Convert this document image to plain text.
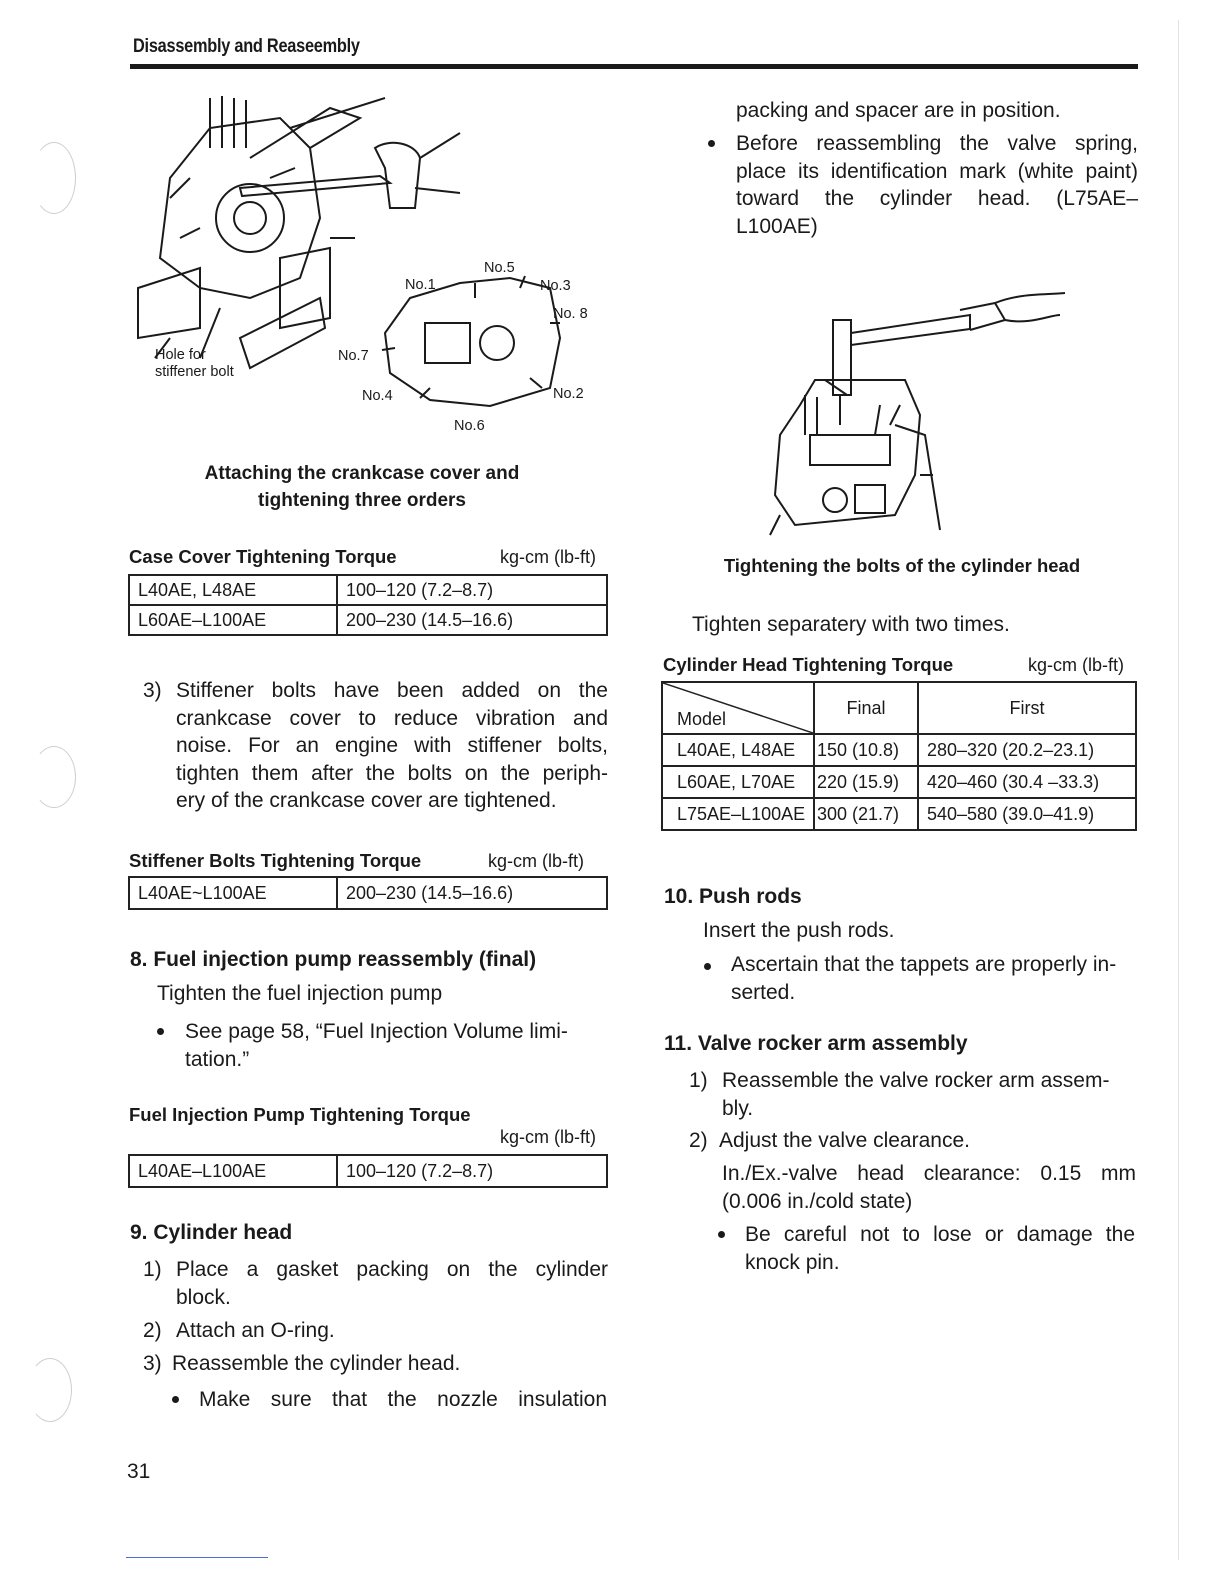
Disassembly and Reaseembly
No.5
No.1	No.3
No. 8
No.7
No.4	No.2
No.6
Hole for
stiffener bolt
Attaching the crankcase cover and
tightening three orders
Case Cover Tightening Torque	kg-cm (lb-ft)
L40AE, L48AE	100–120 (7.2–8.7)
L60AE–L100AE	200–230 (14.5–16.6)
3) Stiffener bolts have been added on the
crankcase cover to reduce vibration and
noise. For an engine with stiffener bolts,
tighten them after the bolts on the periph-
ery of the crankcase cover are tightened.
Stiffener Bolts Tightening Torque	kg-cm (lb-ft)
L40AE~L100AE	200–230 (14.5–16.6)
8. Fuel injection pump reassembly (final)
Tighten the fuel injection pump
See page 58, “Fuel Injection Volume limi-
tation.”
Fuel Injection Pump Tightening Torque
kg-cm (lb-ft)
L40AE–L100AE	100–120 (7.2–8.7)
9. Cylinder head
1) Place a gasket packing on the cylinder
block.
2) Attach an O-ring.
3) Reassemble the cylinder head.
Make sure that the nozzle insulation
31
packing and spacer are in position.
Before reassembling the valve spring,
place its identification mark (white paint)
toward the cylinder head. (L75AE–
L100AE)
Tightening the bolts of the cylinder head
Tighten separatery with two times.
Cylinder Head Tightening Torque	kg-cm (lb-ft)
Model	Final	First
L40AE, L48AE	150 (10.8)	280–320 (20.2–23.1)
L60AE, L70AE	220 (15.9)	420–460 (30.4 –33.3)
L75AE–L100AE	300 (21.7)	540–580 (39.0–41.9)
10. Push rods
Insert the push rods.
Ascertain that the tappets are properly in-
serted.
11. Valve rocker arm assembly
1) Reassemble the valve rocker arm assem-
bly.
2) Adjust the valve clearance.
In./Ex.-valve head clearance: 0.15 mm
(0.006 in./cold state)
Be careful not to lose or damage the
knock pin.
